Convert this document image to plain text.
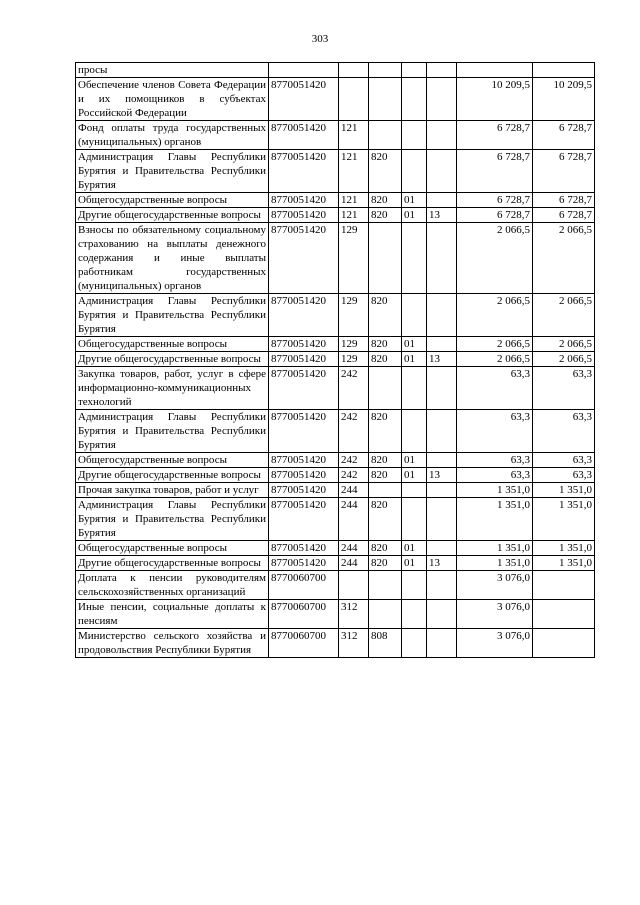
303
просы							
Обеспечение членов Совета Федерации и их помощников в субъектах Российской Федерации	8770051420					10 209,5	10 209,5
Фонд оплаты труда государственных (муниципальных) органов	8770051420	121				6 728,7	6 728,7
Администрация Главы Республики Бурятия и Правительства Республики Бурятия	8770051420	121	820			6 728,7	6 728,7
Общегосударственные вопросы	8770051420	121	820	01		6 728,7	6 728,7
Другие общегосударственные вопросы	8770051420	121	820	01	13	6 728,7	6 728,7
Взносы по обязательному социальному страхованию на выплаты денежного содержания и иные выплаты работникам государственных (муниципальных) органов	8770051420	129				2 066,5	2 066,5
Администрация Главы Республики Бурятия и Правительства Республики Бурятия	8770051420	129	820			2 066,5	2 066,5
Общегосударственные вопросы	8770051420	129	820	01		2 066,5	2 066,5
Другие общегосударственные вопросы	8770051420	129	820	01	13	2 066,5	2 066,5
Закупка товаров, работ, услуг в сфере информационно-коммуникационных технологий	8770051420	242				63,3	63,3
Администрация Главы Республики Бурятия и Правительства Республики Бурятия	8770051420	242	820			63,3	63,3
Общегосударственные вопросы	8770051420	242	820	01		63,3	63,3
Другие общегосударственные вопросы	8770051420	242	820	01	13	63,3	63,3
Прочая закупка товаров, работ и услуг	8770051420	244				1 351,0	1 351,0
Администрация Главы Республики Бурятия и Правительства Республики Бурятия	8770051420	244	820			1 351,0	1 351,0
Общегосударственные вопросы	8770051420	244	820	01		1 351,0	1 351,0
Другие общегосударственные вопросы	8770051420	244	820	01	13	1 351,0	1 351,0
Доплата к пенсии руководителям сельскохозяйственных организаций	8770060700					3 076,0	
Иные пенсии, социальные доплаты к пенсиям	8770060700	312				3 076,0	
Министерство сельского хозяйства и продовольствия Республики Бурятия	8770060700	312	808			3 076,0	
